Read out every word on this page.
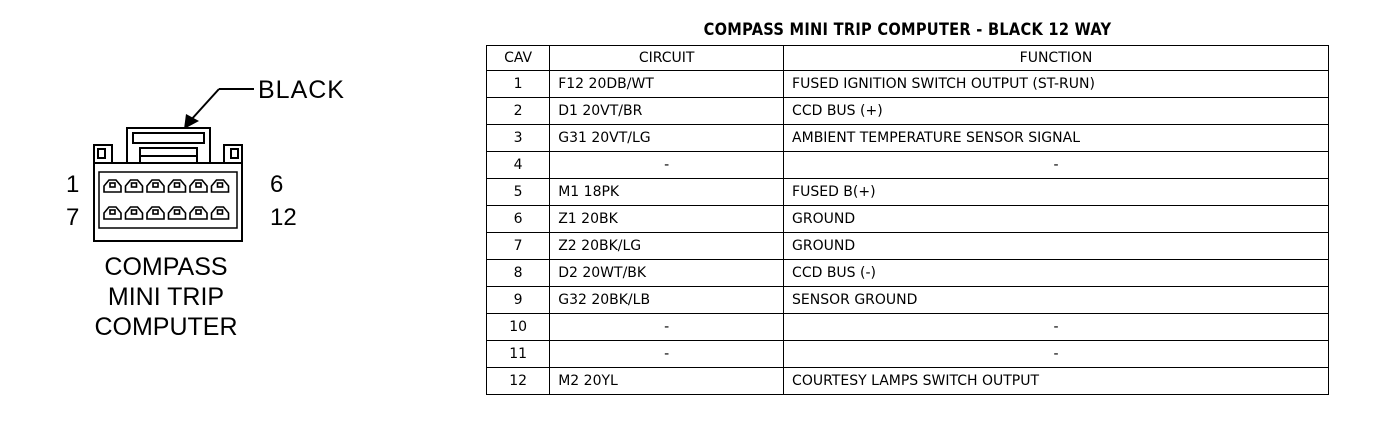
BLACK
1	6
7	12
COMPASS
MINI TRIP
COMPUTER
COMPASS MINI TRIP COMPUTER - BLACK 12 WAY
CAV	CIRCUIT	FUNCTION
1	F12 20DB/WT	FUSED IGNITION SWITCH OUTPUT (ST-RUN)
2	D1 20VT/BR	CCD BUS (+)
3	G31 20VT/LG	AMBIENT TEMPERATURE SENSOR SIGNAL
4	-	-
5	M1 18PK	FUSED B(+)
6	Z1 20BK	GROUND
7	Z2 20BK/LG	GROUND
8	D2 20WT/BK	CCD BUS (-)
9	G32 20BK/LB	SENSOR GROUND
10	-	-
11	-	-
12	M2 20YL	COURTESY LAMPS SWITCH OUTPUT
